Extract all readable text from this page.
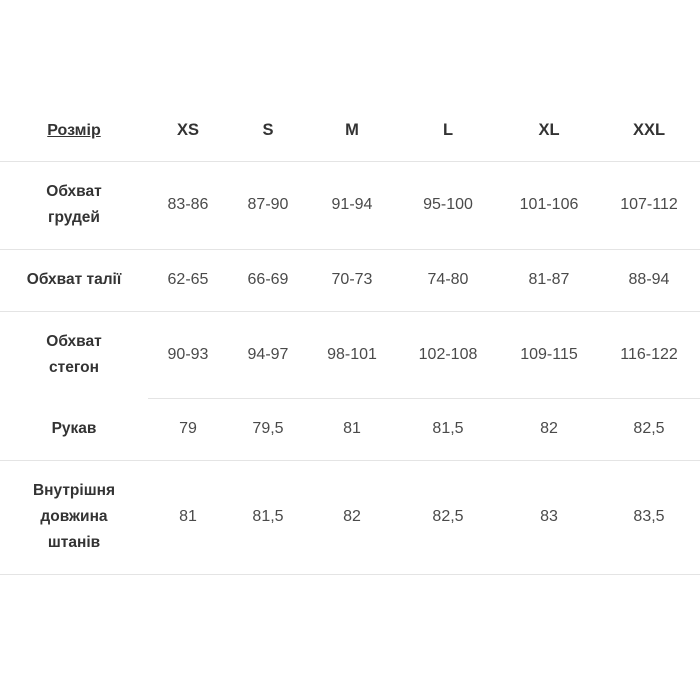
Розмір	XS	S	M	L	XL	XXL
Обхват
грудей	83-86	87-90	91-94	95-100	101-106	107-112
Обхват талії	62-65	66-69	70-73	74-80	81-87	88-94
Обхват
стегон	90-93	94-97	98-101	102-108	109-115	116-122
Рукав	79	79,5	81	81,5	82	82,5
Внутрішня
довжина
штанів	81	81,5	82	82,5	83	83,5
